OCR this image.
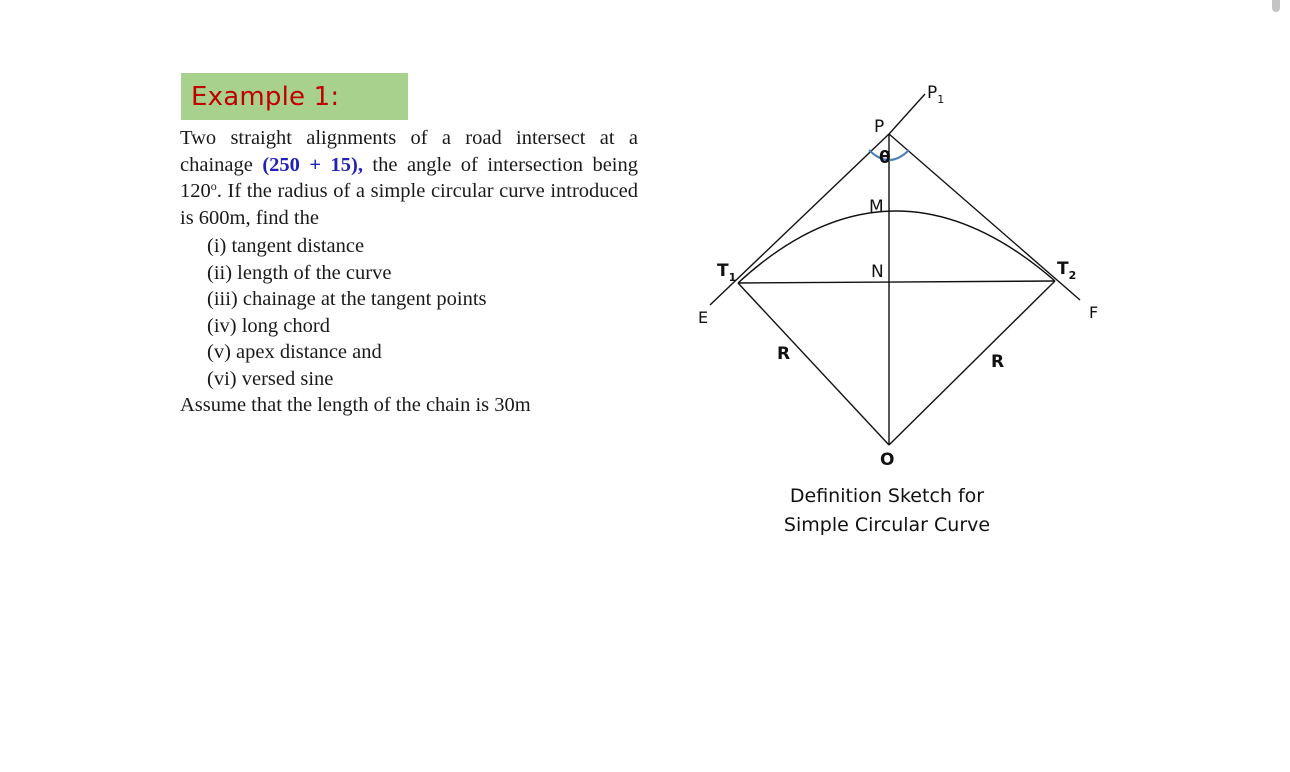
Example 1:

Two straight alignments of a road intersect at a chainage (250 + 15), the angle of intersection being 120$^o$. If the radius of a simple circular curve introduced is 600m, find the

(i) tangent distance
(ii) length of the curve
(iii) chainage at the tangent points
(iv) long chord
(v) apex distance and
(vi) versed sine

Assume that the length of the chain is 30m

$P_1$
P
θ
M
N
$T_1$	$T_2$
E	F
R	R
O
Definition Sketch for
Simple Circular Curve
